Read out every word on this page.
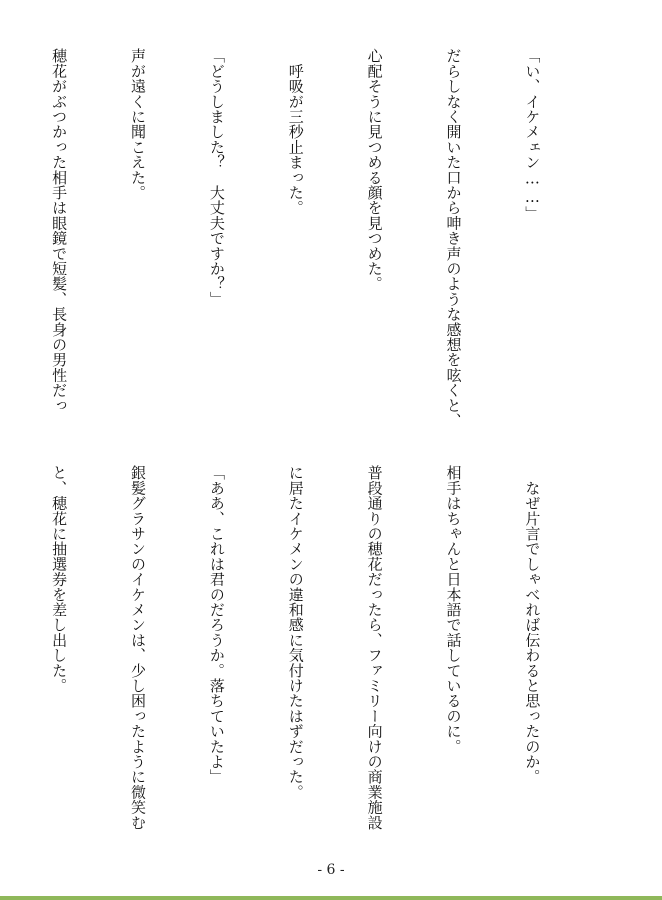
「い、イケメェン……」

だらしなく開いた口から呻き声のような感想を呟くと、

心配そうに見つめる顔を見つめた。

　呼吸が三秒止まった。

「どうしました？　大丈夫ですか？」

声が遠くに聞こえた。

穂花がぶつかった相手は眼鏡で短髪、長身の男性だっ

　なぜ片言でしゃべれば伝わると思ったのか。

相手はちゃんと日本語で話しているのに。

普段通りの穂花だったら、ファミリー向けの商業施設

に居たイケメンの違和感に気付けたはずだった。

「ああ、これは君のだろうか。落ちていたよ」

銀髪グラサンのイケメンは、少し困ったように微笑む

と、穂花に抽選券を差し出した。

- 6 -
